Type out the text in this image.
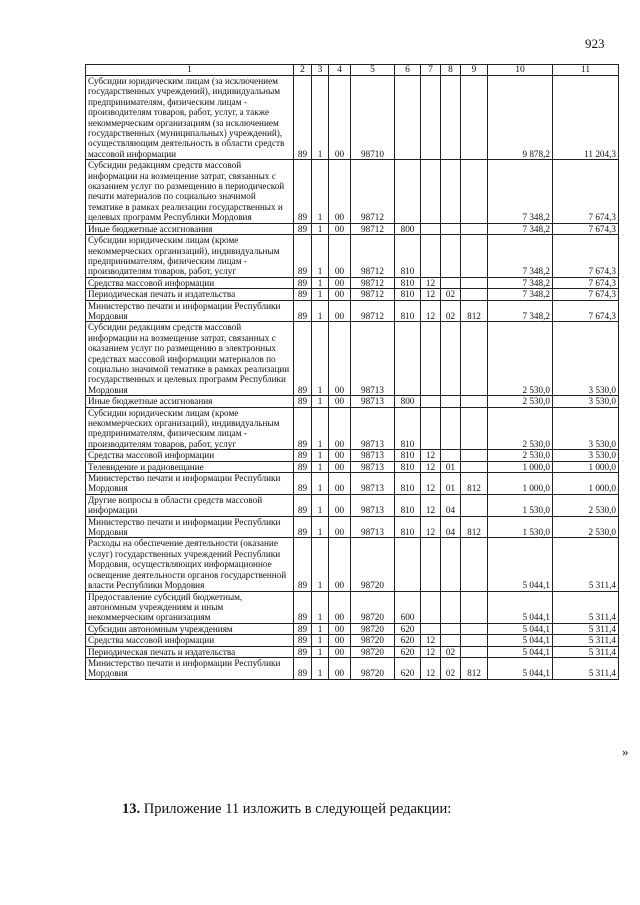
923
1	2	3	4	5	6	7	8	9	10	11
Субсидии юридическим лицам (за исключением государственных учреждений), индивидуальным предпринимателям, физическим лицам - производителям товаров, работ, услуг, а также некоммерческим организациям (за исключением государственных (муниципальных) учреждений), осуществляющим деятельность в области средств массовой информации	89	1	00	98710					9 878,2	11 204,3
Субсидии редакциям средств массовой информации на возмещение затрат, связанных с оказанием услуг по размещению в периодической печати материалов по социально значимой тематике в рамках реализации государственных и целевых программ Республики Мордовия	89	1	00	98712					7 348,2	7 674,3
Иные бюджетные ассигнования	89	1	00	98712	800				7 348,2	7 674,3
Субсидии юридическим лицам (кроме некоммерческих организаций), индивидуальным предпринимателям, физическим лицам - производителям товаров, работ, услуг	89	1	00	98712	810				7 348,2	7 674,3
Средства массовой информации	89	1	00	98712	810	12			7 348,2	7 674,3
Периодическая печать и издательства	89	1	00	98712	810	12	02		7 348,2	7 674,3
Министерство печати и информации Республики Мордовия	89	1	00	98712	810	12	02	812	7 348,2	7 674,3
Субсидии редакциям средств массовой информации на возмещение затрат, связанных с оказанием услуг по размещению в электронных средствах массовой информации материалов по социально значимой тематике в рамках реализации государственных и целевых программ Республики Мордовия	89	1	00	98713					2 530,0	3 530,0
Иные бюджетные ассигнования	89	1	00	98713	800				2 530,0	3 530,0
Субсидии юридическим лицам (кроме некоммерческих организаций), индивидуальным предпринимателям, физическим лицам - производителям товаров, работ, услуг	89	1	00	98713	810				2 530,0	3 530,0
Средства массовой информации	89	1	00	98713	810	12			2 530,0	3 530,0
Телевидение и радиовещание	89	1	00	98713	810	12	01		1 000,0	1 000,0
Министерство печати и информации Республики Мордовия	89	1	00	98713	810	12	01	812	1 000,0	1 000,0
Другие вопросы в области средств массовой информации	89	1	00	98713	810	12	04		1 530,0	2 530,0
Министерство печати и информации Республики Мордовия	89	1	00	98713	810	12	04	812	1 530,0	2 530,0
Расходы на обеспечение деятельности (оказание услуг) государственных учреждений Республики Мордовия, осуществляющих информационное освещение деятельности органов государственной власти Республики Мордовия	89	1	00	98720					5 044,1	5 311,4
Предоставление субсидий бюджетным, автономным учреждениям и иным некоммерческим организациям	89	1	00	98720	600				5 044,1	5 311,4
Субсидии автономным учреждениям	89	1	00	98720	620				5 044,1	5 311,4
Средства массовой информации	89	1	00	98720	620	12			5 044,1	5 311,4
Периодическая печать и издательства	89	1	00	98720	620	12	02		5 044,1	5 311,4
Министерство печати и информации Республики Мордовия	89	1	00	98720	620	12	02	812	5 044,1	5 311,4
»
13. Приложение 11 изложить в следующей редакции:
